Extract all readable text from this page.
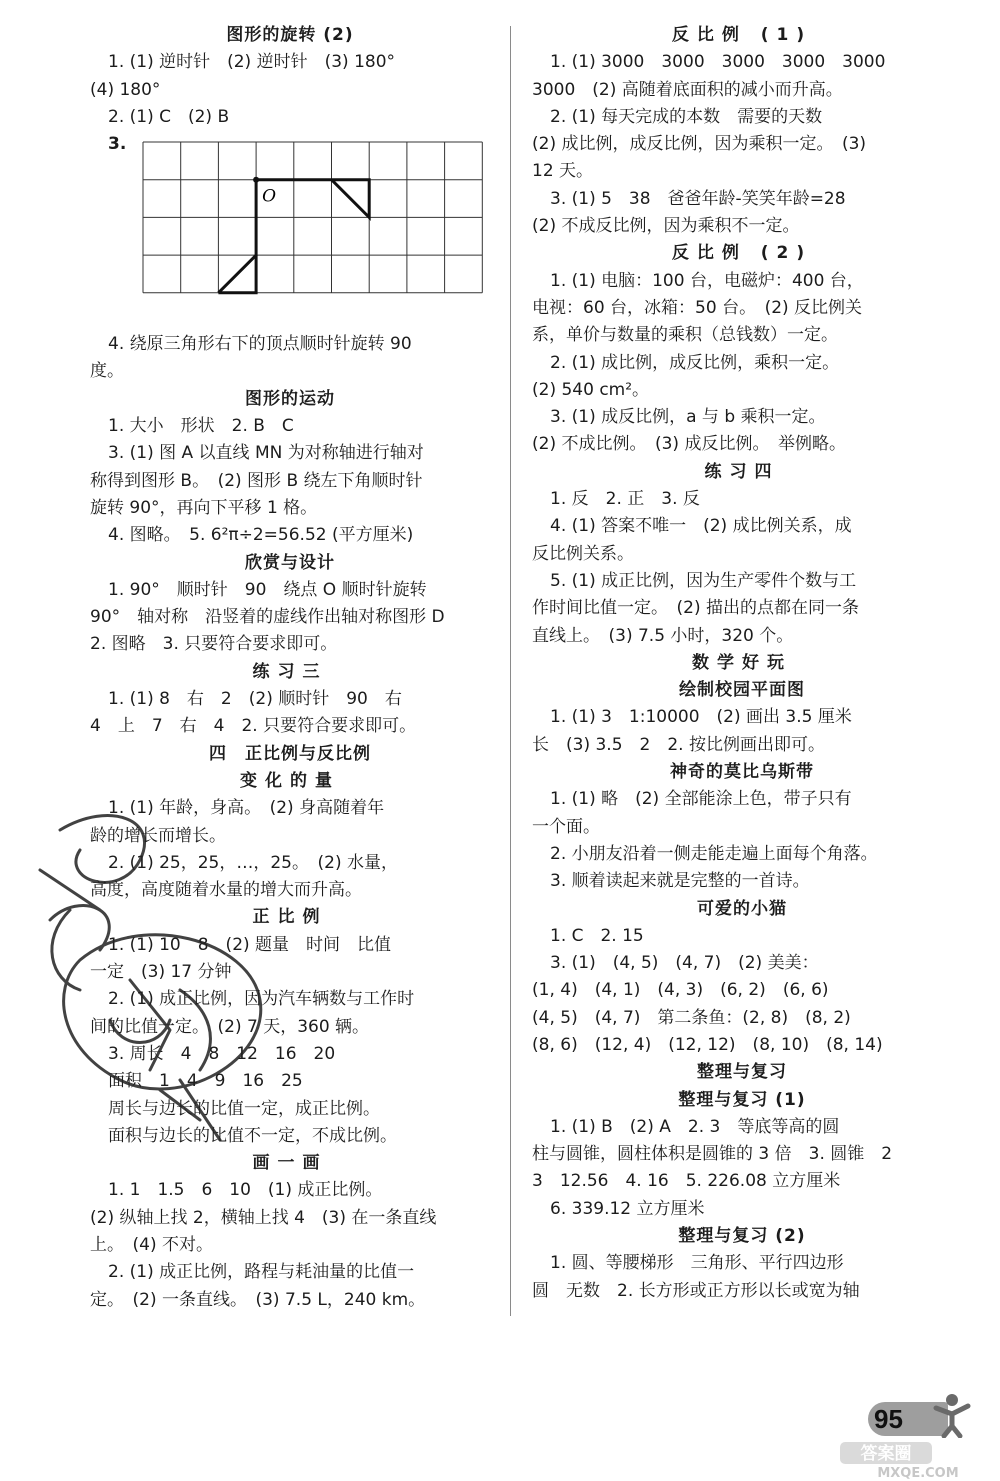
图形的旋转 (2)
1. (1) 逆时针　(2) 逆时针　(3) 180°
(4) 180°
2. (1) C　(2) B
3.
O
4. 绕原三角形右下的顶点顺时针旋转 90
度。
图形的运动
1. 大小　形状　2. B　C
3. (1) 图 A 以直线 MN 为对称轴进行轴对
称得到图形 B。　(2) 图形 B 绕左下角顺时针
旋转 90°，再向下平移 1 格。
4. 图略。　5. 6²π÷2=56.52 (平方厘米)
欣赏与设计
1. 90°　顺时针　90　绕点 O 顺时针旋转
90°　轴对称　沿竖着的虚线作出轴对称图形 D
2. 图略　3. 只要符合要求即可。
练习三
1. (1) 8　右　2　(2) 顺时针　90　右
4　上　7　右　4　2. 只要符合要求即可。
四　正比例与反比例
变化的量
1. (1) 年龄，身高。　(2) 身高随着年
龄的增长而增长。
2. (1) 25，25，…，25。　(2) 水量，
高度，高度随着水量的增大而升高。
正比例
1. (1) 10　8　(2) 题量　时间　比值
一定　(3) 17 分钟
2. (1) 成正比例，因为汽车辆数与工作时
间的比值一定。　(2) 7 天，360 辆。
3. 周长　4　8　12　16　20
面积　1　4　9　16　25
周长与边长的比值一定，成正比例。
面积与边长的比值不一定，不成比例。
画一画
1. 1　1.5　6　10　(1) 成正比例。
(2) 纵轴上找 2，横轴上找 4　(3) 在一条直线
上。　(4) 不对。
2. (1) 成正比例，路程与耗油量的比值一
定。　(2) 一条直线。　(3) 7.5 L，240 km。
反比例 (1)
1. (1) 3000　3000　3000　3000　3000
3000　(2) 高随着底面积的减小而升高。
2. (1) 每天完成的本数　需要的天数
(2) 成比例，成反比例，因为乘积一定。　(3)
12 天。
3. (1) 5　38　爸爸年龄-笑笑年龄=28
(2) 不成反比例，因为乘积不一定。
反比例 (2)
1. (1) 电脑：100 台，电磁炉：400 台，
电视：60 台，冰箱：50 台。　(2) 反比例关
系，单价与数量的乘积（总钱数）一定。
2. (1) 成比例，成反比例，乘积一定。
(2) 540 cm²。
3. (1) 成反比例，a 与 b 乘积一定。
(2) 不成比例。　(3) 成反比例。　举例略。
练习四
1. 反　2. 正　3. 反
4. (1) 答案不唯一　(2) 成比例关系，成
反比例关系。
5. (1) 成正比例，因为生产零件个数与工
作时间比值一定。　(2) 描出的点都在同一条
直线上。　(3) 7.5 小时，320 个。
数学好玩
绘制校园平面图
1. (1) 3　1:10000　(2) 画出 3.5 厘米
长　(3) 3.5　2　2. 按比例画出即可。
神奇的莫比乌斯带
1. (1) 略　(2) 全部能涂上色，带子只有
一个面。
2. 小朋友沿着一侧走能走遍上面每个角落。
3. 顺着读起来就是完整的一首诗。
可爱的小猫
1. C　2. 15
3. (1)　(4, 5)　(4, 7)　(2) 美美：
(1, 4)　(4, 1)　(4, 3)　(6, 2)　(6, 6)
(4, 5)　(4, 7)　第二条鱼：(2, 8)　(8, 2)
(8, 6)　(12, 4)　(12, 12)　(8, 10)　(8, 14)
整理与复习
整理与复习 (1)
1. (1) B　(2) A　2. 3　等底等高的圆
柱与圆锥，圆柱体积是圆锥的 3 倍　3. 圆锥　2
3　12.56　4. 16　5. 226.08 立方厘米
6. 339.12 立方厘米
整理与复习 (2)
1. 圆、等腰梯形　三角形、平行四边形
圆　无数　2. 长方形或正方形以长或宽为轴
95
答案圈
MXQE.COM
